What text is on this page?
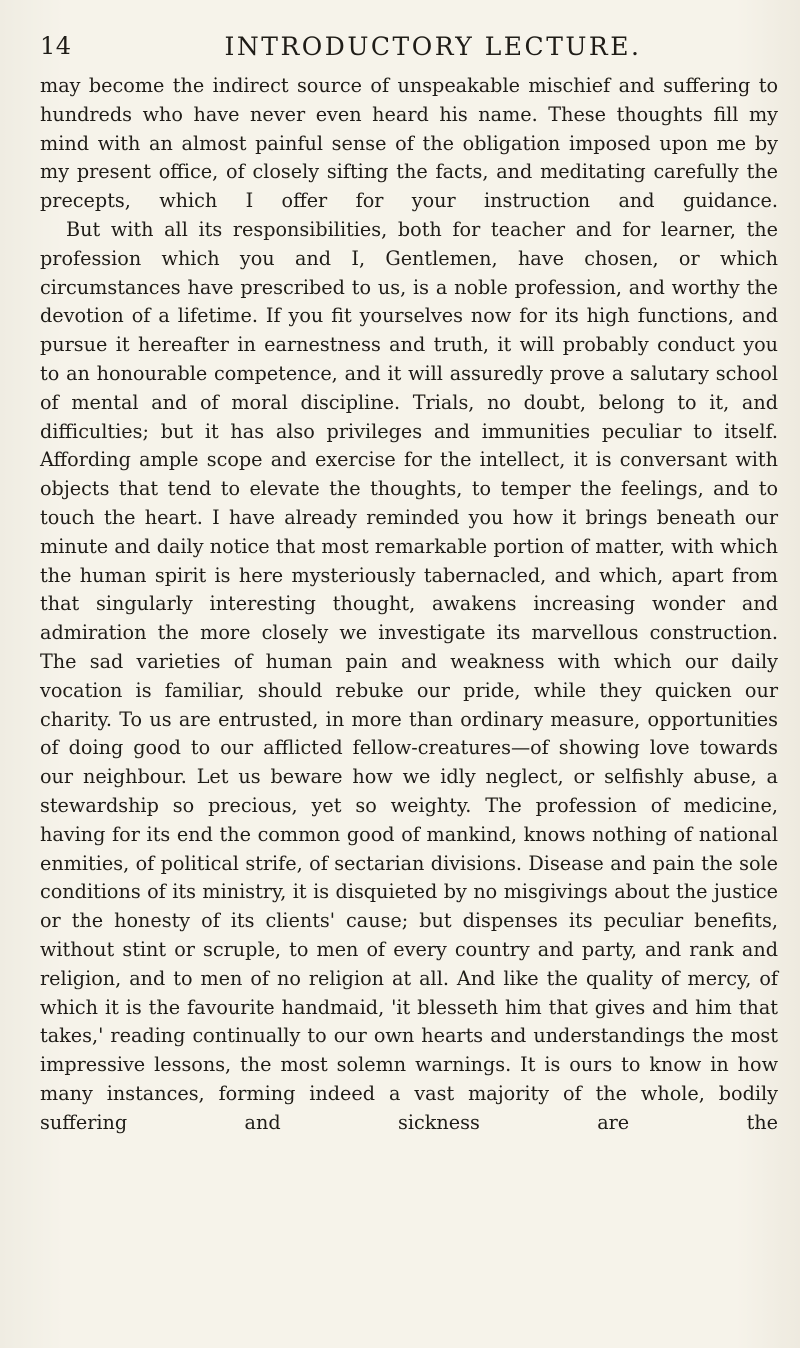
14	INTRODUCTORY LECTURE.

may become the indirect source of unspeakable mischief and suffering to hundreds who have never even heard his name. These thoughts fill my mind with an almost painful sense of the obligation imposed upon me by my present office, of closely sifting the facts, and meditating carefully the precepts, which I offer for your instruction and guidance.

But with all its responsibilities, both for teacher and for learner, the profession which you and I, Gentlemen, have chosen, or which circumstances have prescribed to us, is a noble profession, and worthy the devotion of a lifetime. If you fit yourselves now for its high functions, and pursue it hereafter in earnestness and truth, it will probably conduct you to an honourable competence, and it will assuredly prove a salutary school of mental and of moral discipline. Trials, no doubt, belong to it, and difficulties; but it has also privileges and immunities peculiar to itself. Affording ample scope and exercise for the intellect, it is conversant with objects that tend to elevate the thoughts, to temper the feelings, and to touch the heart. I have already reminded you how it brings beneath our minute and daily notice that most remarkable portion of matter, with which the human spirit is here mysteriously tabernacled, and which, apart from that singularly interesting thought, awakens increasing wonder and admiration the more closely we investigate its marvellous construction. The sad varieties of human pain and weakness with which our daily vocation is familiar, should rebuke our pride, while they quicken our charity. To us are entrusted, in more than ordinary measure, opportunities of doing good to our afflicted fellow-creatures—of showing love towards our neighbour. Let us beware how we idly neglect, or selfishly abuse, a stewardship so precious, yet so weighty. The profession of medicine, having for its end the common good of mankind, knows nothing of national enmities, of political strife, of sectarian divisions. Disease and pain the sole conditions of its ministry, it is disquieted by no misgivings about the justice or the honesty of its clients' cause; but dispenses its peculiar benefits, without stint or scruple, to men of every country and party, and rank and religion, and to men of no religion at all. And like the quality of mercy, of which it is the favourite handmaid, 'it blesseth him that gives and him that takes,' reading continually to our own hearts and understandings the most impressive lessons, the most solemn warnings. It is ours to know in how many instances, forming indeed a vast majority of the whole, bodily suffering and sickness are the
